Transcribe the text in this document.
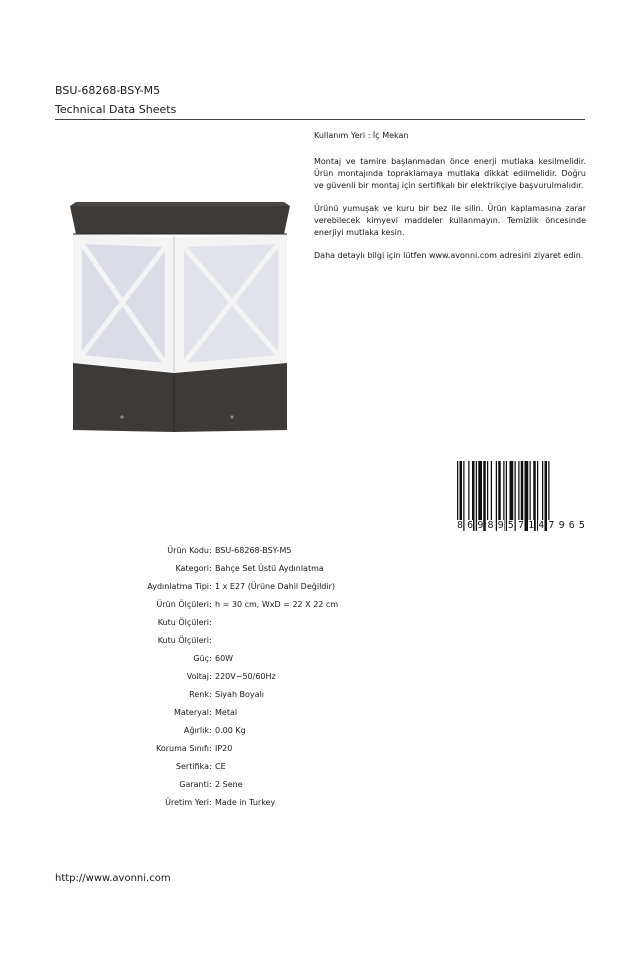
BSU-68268-BSY-M5
Technical Data Sheets

Kullanım Yeri : İç Mekan

Montaj ve tamire başlanmadan önce enerji mutlaka kesilmelidir. Ürün montajında topraklamaya mutlaka dikkat edilmelidir. Doğru ve güvenli bir montaj için sertifikalı bir elektrikçiye başvurulmalıdır.

Ürünü yumuşak ve kuru bir bez ile silin. Ürün kaplamasına zarar verebilecek kimyevi maddeler kullanmayın. Temizlik öncesinde enerjiyi mutlaka kesin.

Daha detaylı bilgi için lütfen www.avonni.com adresini ziyaret edin.

8 6 9 8 9 5 7 1 4 7 9 6 5
Ürün Kodu : BSU-68268-BSY-M5
Kategori : Bahçe Set Üstü Aydınlatma
Aydınlatma Tipi : 1 x E27 (Ürüne Dahil Değildir)
Ürün Ölçüleri : h = 30 cm, WxD = 22 X 22 cm
Kutu Ölçüleri :
Kutu Ölçüleri :
Güç : 60W
Voltaj : 220V~50/60Hz
Renk : Siyah Boyalı
Materyal : Metal
Ağırlık : 0.00 Kg
Koruma Sınıfı : IP20
Sertifika : CE
Garanti : 2 Sene
Üretim Yeri : Made in Turkey
http://www.avonni.com
